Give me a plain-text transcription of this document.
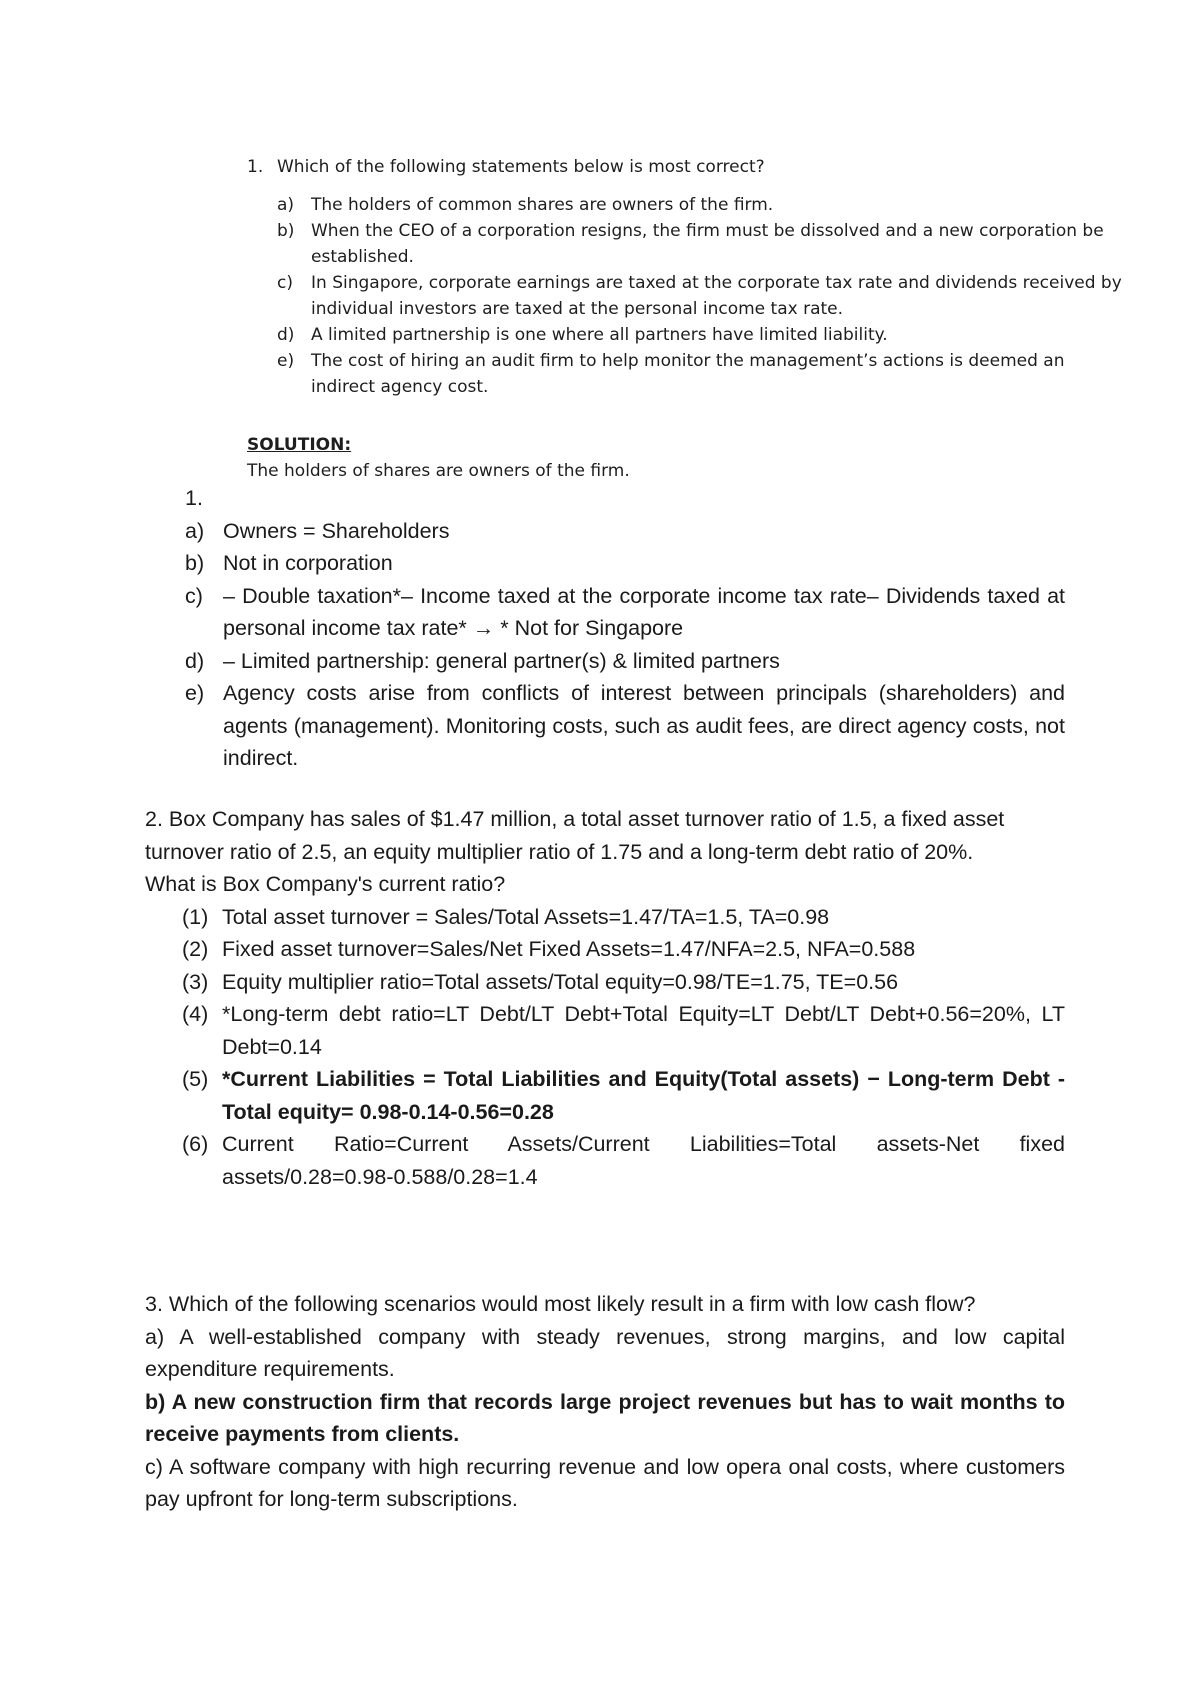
1. Which of the following statements below is most correct?
a) The holders of common shares are owners of the firm.
b) When the CEO of a corporation resigns, the firm must be dissolved and a new corporation be established.
c)	In Singapore, corporate earnings are taxed at the corporate tax rate and dividends received by individual investors are taxed at the personal income tax rate.
d) A limited partnership is one where all partners have limited liability.
e) The cost of hiring an audit firm to help monitor the management’s actions is deemed an indirect agency cost.
SOLUTION:
The holders of shares are owners of the firm.
1.
a) Owners = Shareholders
b) Not in corporation
c) – Double taxation*– Income taxed at the corporate income tax rate– Dividends taxed at personal income tax rate* → * Not for Singapore
d) – Limited partnership: general partner(s) & limited partners
e) Agency costs arise from conflicts of interest between principals (shareholders) and agents (management). Monitoring costs, such as audit fees, are direct agency costs, not indirect.

2. Box Company has sales of $1.47 million, a total asset turnover ratio of 1.5, a fixed asset

turnover ratio of 2.5, an equity multiplier ratio of 1.75 and a long-term debt ratio of 20%.

What is Box Company's current ratio?

(1) Total asset turnover = Sales/Total Assets=1.47/TA=1.5, TA=0.98
(2) Fixed asset turnover=Sales/Net Fixed Assets=1.47/NFA=2.5, NFA=0.588
(3) Equity multiplier ratio=Total assets/Total equity=0.98/TE=1.75, TE=0.56
(4) *Long-term debt ratio=LT Debt/LT Debt+Total Equity=LT Debt/LT Debt+0.56=20%, LT Debt=0.14
(5) *Current Liabilities = Total Liabilities and Equity(Total assets) − Long-term Debt - Total equity= 0.98-0.14-0.56=0.28
(6) Current Ratio=Current Assets/Current Liabilities=Total assets-Net fixed assets/0.28=0.98-0.588/0.28=1.4

3. Which of the following scenarios would most likely result in a firm with low cash flow?

a) A well-established company with steady revenues, strong margins, and low capital expenditure requirements.

b) A new construction firm that records large project revenues but has to wait months to receive payments from clients.

c) A software company with high recurring revenue and low opera onal costs, where customers pay upfront for long-term subscriptions.
